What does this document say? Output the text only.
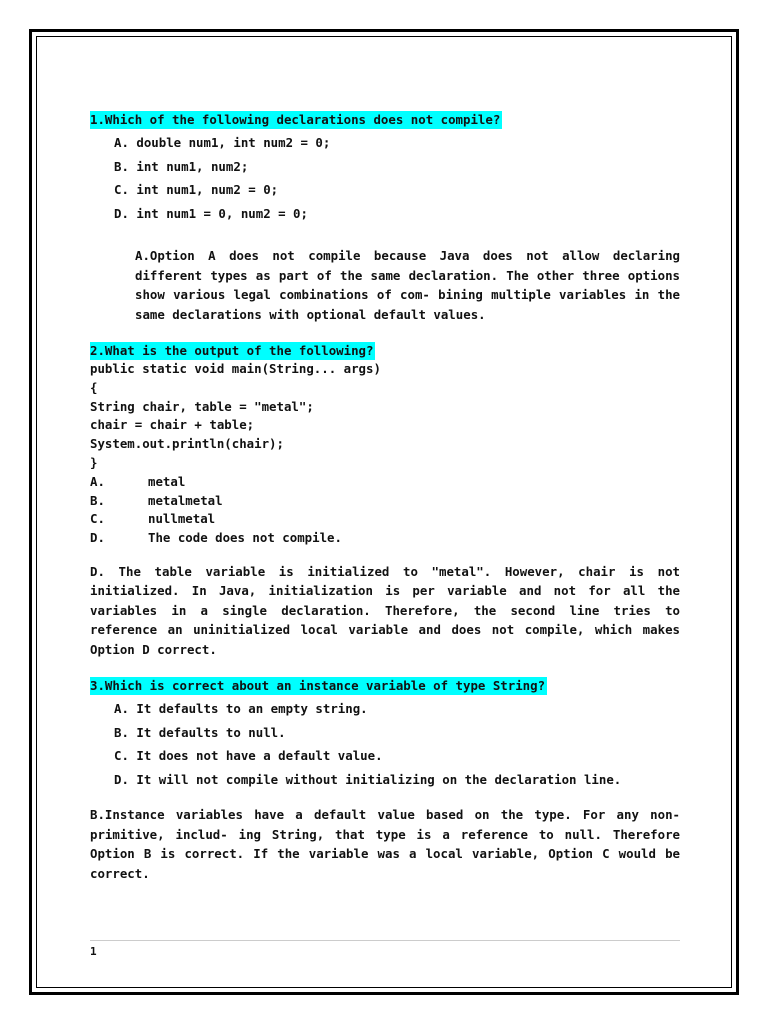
1.Which of the following declarations does not compile?
A. double num1, int num2 = 0;
B. int num1, num2;
C. int num1, num2 = 0;
D. int num1 = 0, num2 = 0;

A.Option A does not compile because Java does not allow declaring different types as part of the same declaration. The other three options show various legal combinations of com- bining multiple variables in the same declarations with optional default values.

2.What is the output of the following?
public static void main(String... args)
{
String chair, table = "metal";
chair = chair + table;
System.out.println(chair);
}
A.	metal
B.	metalmetal
C.	nullmetal
D.	The code does not compile.

D. The table variable is initialized to "metal". However, chair is not initialized. In Java, initialization is per variable and not for all the variables in a single declaration. Therefore, the second line tries to reference an uninitialized local variable and does not compile, which makes Option D correct.

3.Which is correct about an instance variable of type String?
A. It defaults to an empty string.
B. It defaults to null.
C. It does not have a default value.
D. It will not compile without initializing on the declaration line.

B.Instance variables have a default value based on the type. For any non-primitive, includ- ing String, that type is a reference to null. Therefore Option B is correct. If the variable was a local variable, Option C would be correct.

1
